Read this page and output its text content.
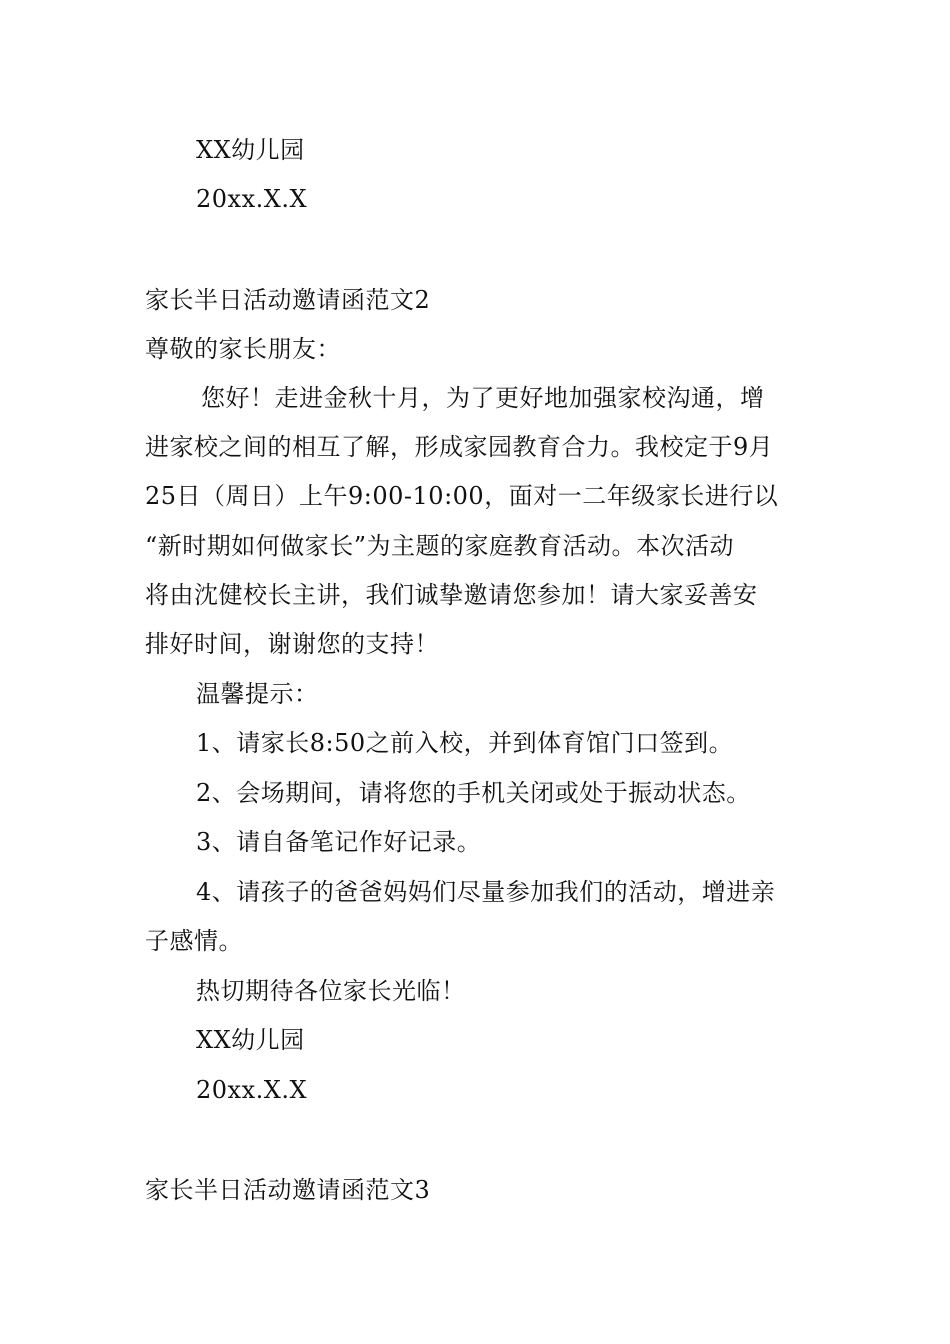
XX幼儿园
20xx.X.X
家长半日活动邀请函范文2
尊敬的家长朋友：
您好！走进金秋十月，为了更好地加强家校沟通，增
进家校之间的相互了解，形成家园教育合力。我校定于9月
25日（周日）上午9:00-10:00，面对一二年级家长进行以
“新时期如何做家长”为主题的家庭教育活动。本次活动
将由沈健校长主讲，我们诚挚邀请您参加！请大家妥善安
排好时间，谢谢您的支持！
温馨提示：
1、请家长8:50之前入校，并到体育馆门口签到。
2、会场期间，请将您的手机关闭或处于振动状态。
3、请自备笔记作好记录。
4、请孩子的爸爸妈妈们尽量参加我们的活动，增进亲
子感情。
热切期待各位家长光临！
XX幼儿园
20xx.X.X
家长半日活动邀请函范文3
